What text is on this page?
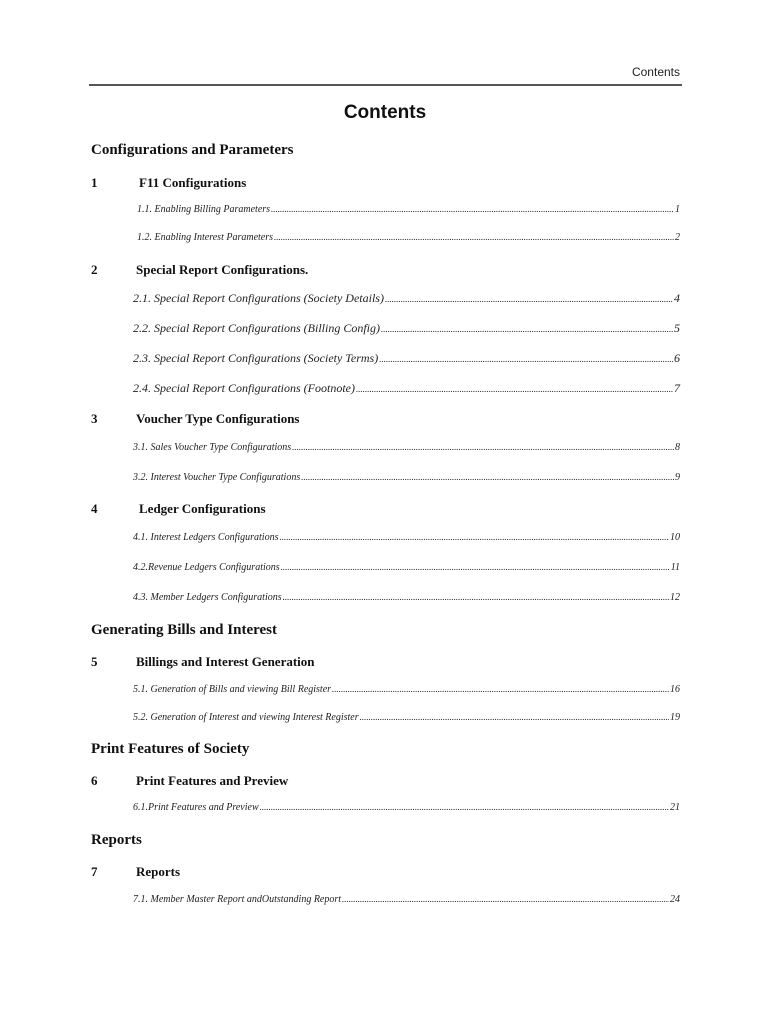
Contents
Contents
Configurations and Parameters
1	F11 Configurations
1.1. Enabling Billing Parameters .....	1
1.2. Enabling Interest Parameters .....	2
2	Special Report Configurations.
2.1. Special Report Configurations (Society Details) .....	4
2.2. Special Report Configurations (Billing Config) .....	5
2.3. Special Report Configurations (Society Terms) .....	6
2.4. Special Report Configurations (Footnote) .....	7
3	Voucher Type Configurations
3.1. Sales Voucher Type Configurations .....	8
3.2. Interest Voucher Type Configurations .....	9
4	Ledger Configurations
4.1. Interest Ledgers Configurations .....	10
4.2.Revenue Ledgers Configurations .....	11
4.3. Member Ledgers Configurations .....	12
Generating Bills and Interest
5	Billings and Interest Generation
5.1. Generation of Bills and viewing Bill Register .....	16
5.2. Generation of Interest and viewing Interest Register .....	19
Print Features of Society
6	Print Features and Preview
6.1.Print Features and Preview .....	21
Reports
7	Reports
7.1. Member Master Report andOutstanding Report .....	24
